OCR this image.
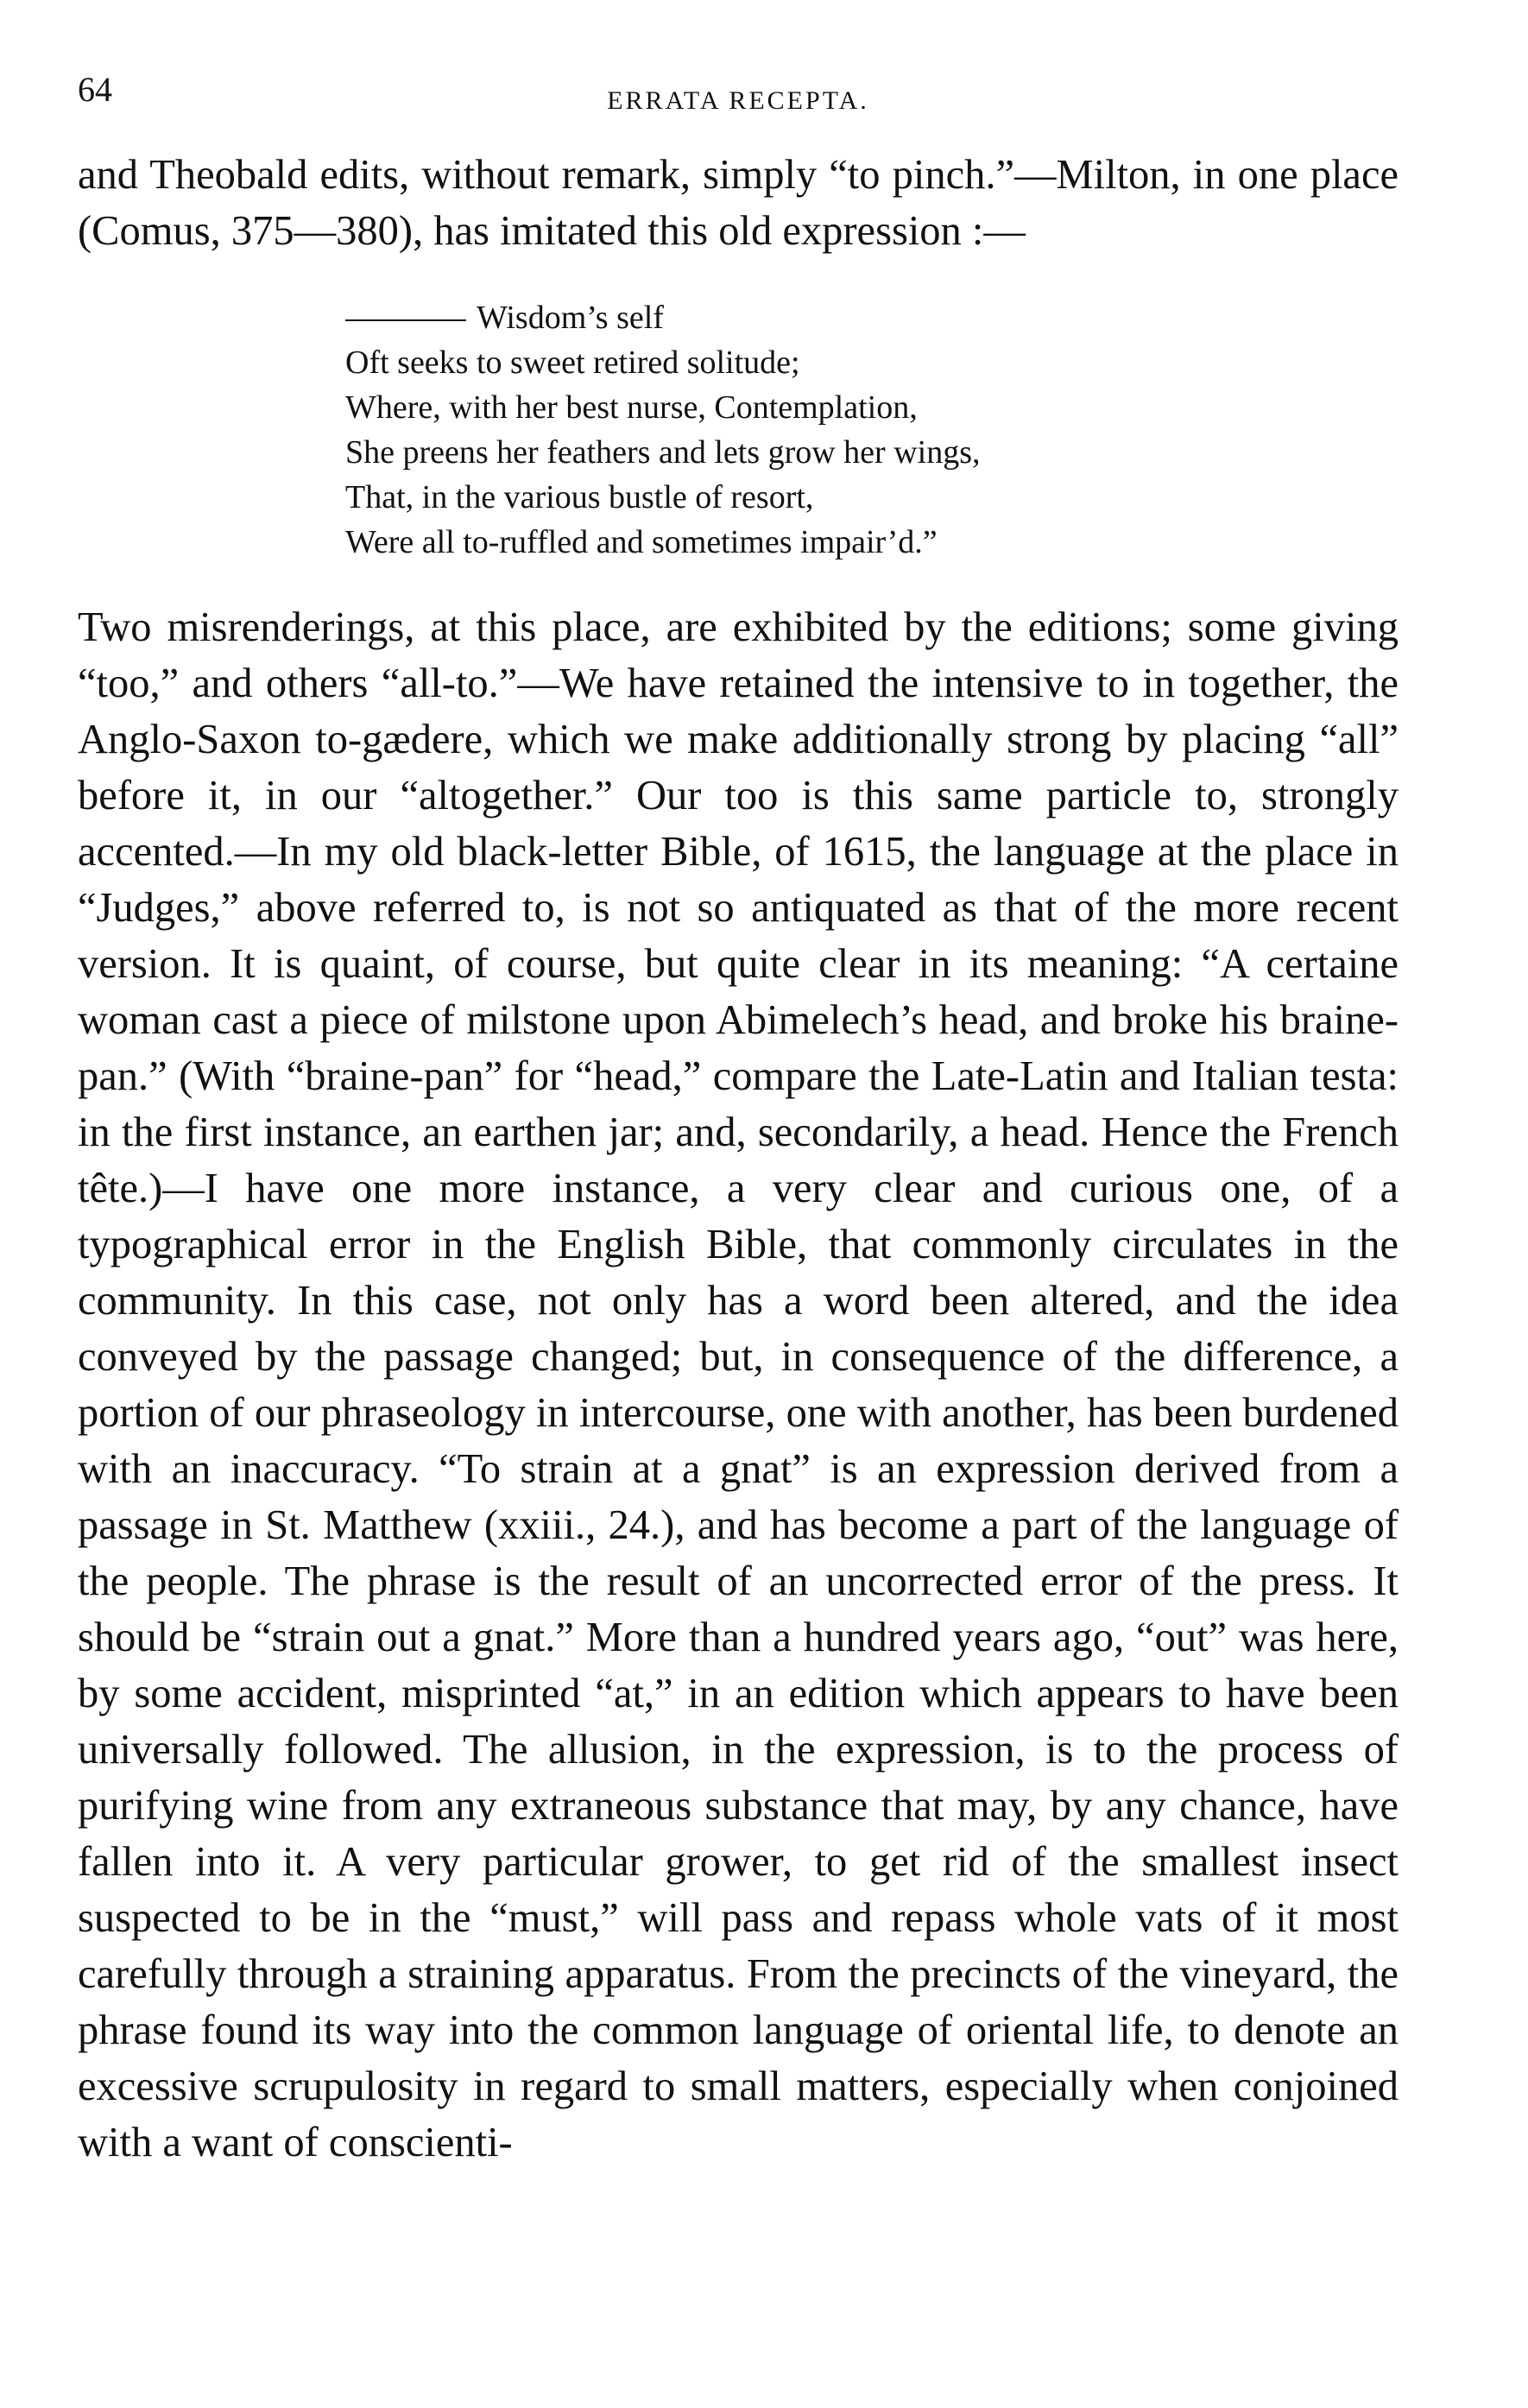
64	ERRATA RECEPTA.

and Theobald edits, without remark, simply “to pinch.”—Milton, in one place (Comus, 375—380), has imitated this old expression :—

Wisdom’s self
Oft seeks to sweet retired solitude;
Where, with her best nurse, Contemplation,
She preens her feathers and lets grow her wings,
That, in the various bustle of resort,
Were all to-ruffled and sometimes impair’d.”

Two misrenderings, at this place, are exhibited by the editions; some giving “too,” and others “all-to.”—We have retained the intensive to in together, the Anglo-Saxon to-gædere, which we make additionally strong by placing “all” before it, in our “altogether.” Our too is this same particle to, strongly accented.—In my old black-letter Bible, of 1615, the language at the place in “Judges,” above referred to, is not so antiquated as that of the more recent version. It is quaint, of course, but quite clear in its meaning: “A certaine woman cast a piece of milstone upon Abimelech’s head, and broke his braine-pan.” (With “braine-pan” for “head,” compare the Late-Latin and Italian testa: in the first instance, an earthen jar; and, secondarily, a head. Hence the French tête.)—I have one more instance, a very clear and curious one, of a typographical error in the English Bible, that commonly circulates in the community. In this case, not only has a word been altered, and the idea conveyed by the passage changed; but, in consequence of the difference, a portion of our phraseology in intercourse, one with another, has been burdened with an inaccuracy. “To strain at a gnat” is an expression derived from a passage in St. Matthew (xxiii., 24.), and has become a part of the language of the people. The phrase is the result of an uncorrected error of the press. It should be “strain out a gnat.” More than a hundred years ago, “out” was here, by some accident, misprinted “at,” in an edition which appears to have been universally followed. The allusion, in the expression, is to the process of purifying wine from any extraneous substance that may, by any chance, have fallen into it. A very particular grower, to get rid of the smallest insect suspected to be in the “must,” will pass and repass whole vats of it most carefully through a straining apparatus. From the precincts of the vineyard, the phrase found its way into the common language of oriental life, to denote an excessive scrupulosity in regard to small matters, especially when conjoined with a want of conscienti-
